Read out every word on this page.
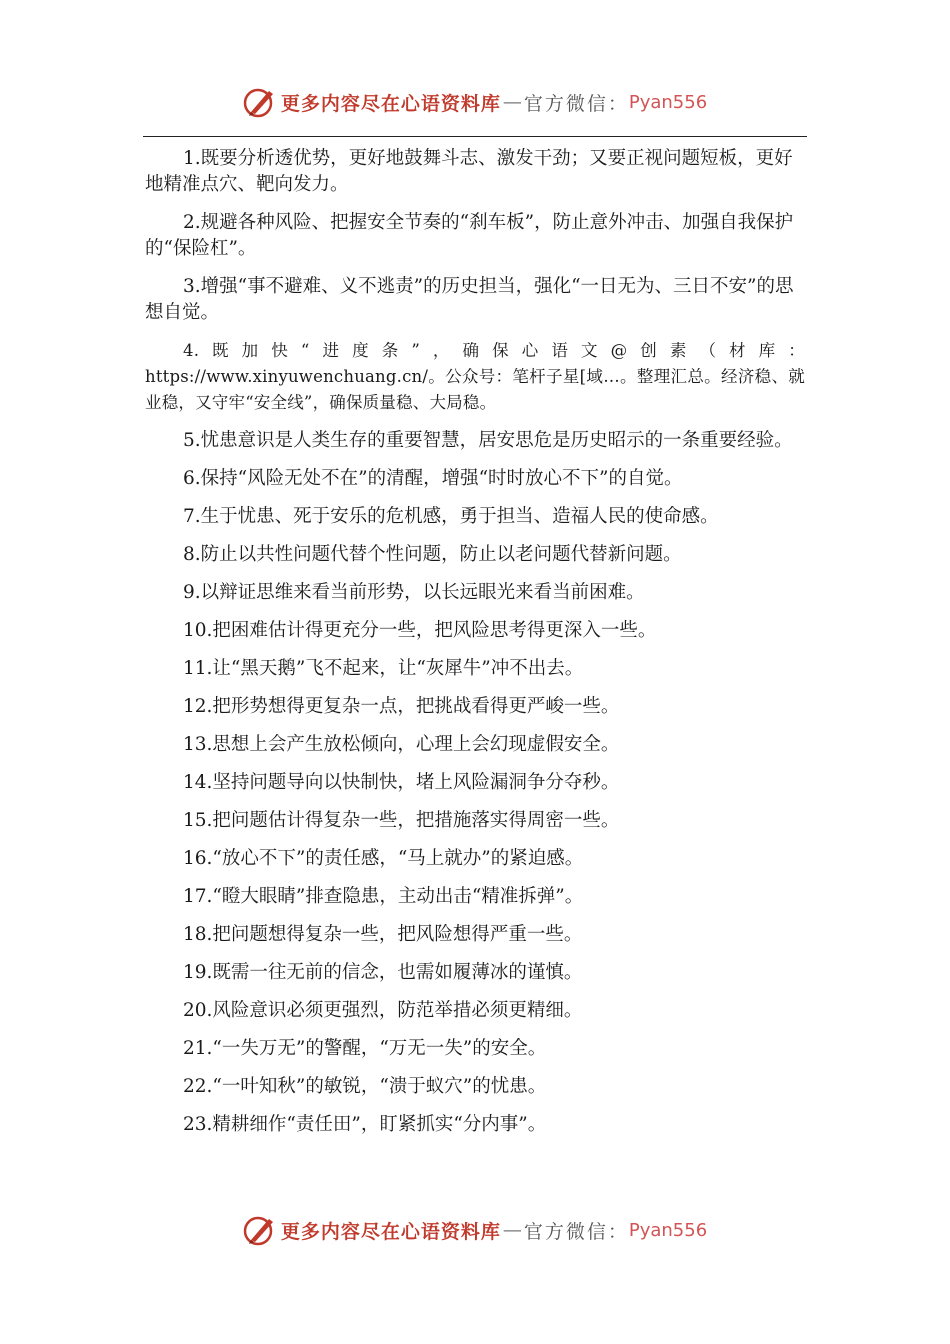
更多内容尽在心语资料库 — 官方微信： Pyan556

1.既要分析透优势，更好地鼓舞斗志、激发干劲；又要正视问题短板，更好地精准点穴、靶向发力。

2.规避各种风险、把握安全节奏的“刹车板”，防止意外冲击、加强自我保护的“保险杠”。

3.增强“事不避难、义不逃责”的历史担当，强化“一日无为、三日不安”的思想自觉。

4.既加快“进度条”，确保心语文@创素（材库：https://www.xinyuwenchuang.cn/。公众号：笔杆子星[域…。整理汇总。经济稳、就业稳，又守牢“安全线”，确保质量稳、大局稳。

5.忧患意识是人类生存的重要智慧，居安思危是历史昭示的一条重要经验。

6.保持“风险无处不在”的清醒，增强“时时放心不下”的自觉。

7.生于忧患、死于安乐的危机感，勇于担当、造福人民的使命感。

8.防止以共性问题代替个性问题，防止以老问题代替新问题。

9.以辩证思维来看当前形势，以长远眼光来看当前困难。

10.把困难估计得更充分一些，把风险思考得更深入一些。

11.让“黑天鹅”飞不起来，让“灰犀牛”冲不出去。

12.把形势想得更复杂一点，把挑战看得更严峻一些。

13.思想上会产生放松倾向，心理上会幻现虚假安全。

14.坚持问题导向以快制快，堵上风险漏洞争分夺秒。

15.把问题估计得复杂一些，把措施落实得周密一些。

16.“放心不下”的责任感，“马上就办”的紧迫感。

17.“瞪大眼睛”排查隐患，主动出击“精准拆弹”。

18.把问题想得复杂一些，把风险想得严重一些。

19.既需一往无前的信念，也需如履薄冰的谨慎。

20.风险意识必须更强烈，防范举措必须更精细。

21.“一失万无”的警醒，“万无一失”的安全。

22.“一叶知秋”的敏锐，“溃于蚁穴”的忧患。

23.精耕细作“责任田”，盯紧抓实“分内事”。

更多内容尽在心语资料库 — 官方微信： Pyan556
